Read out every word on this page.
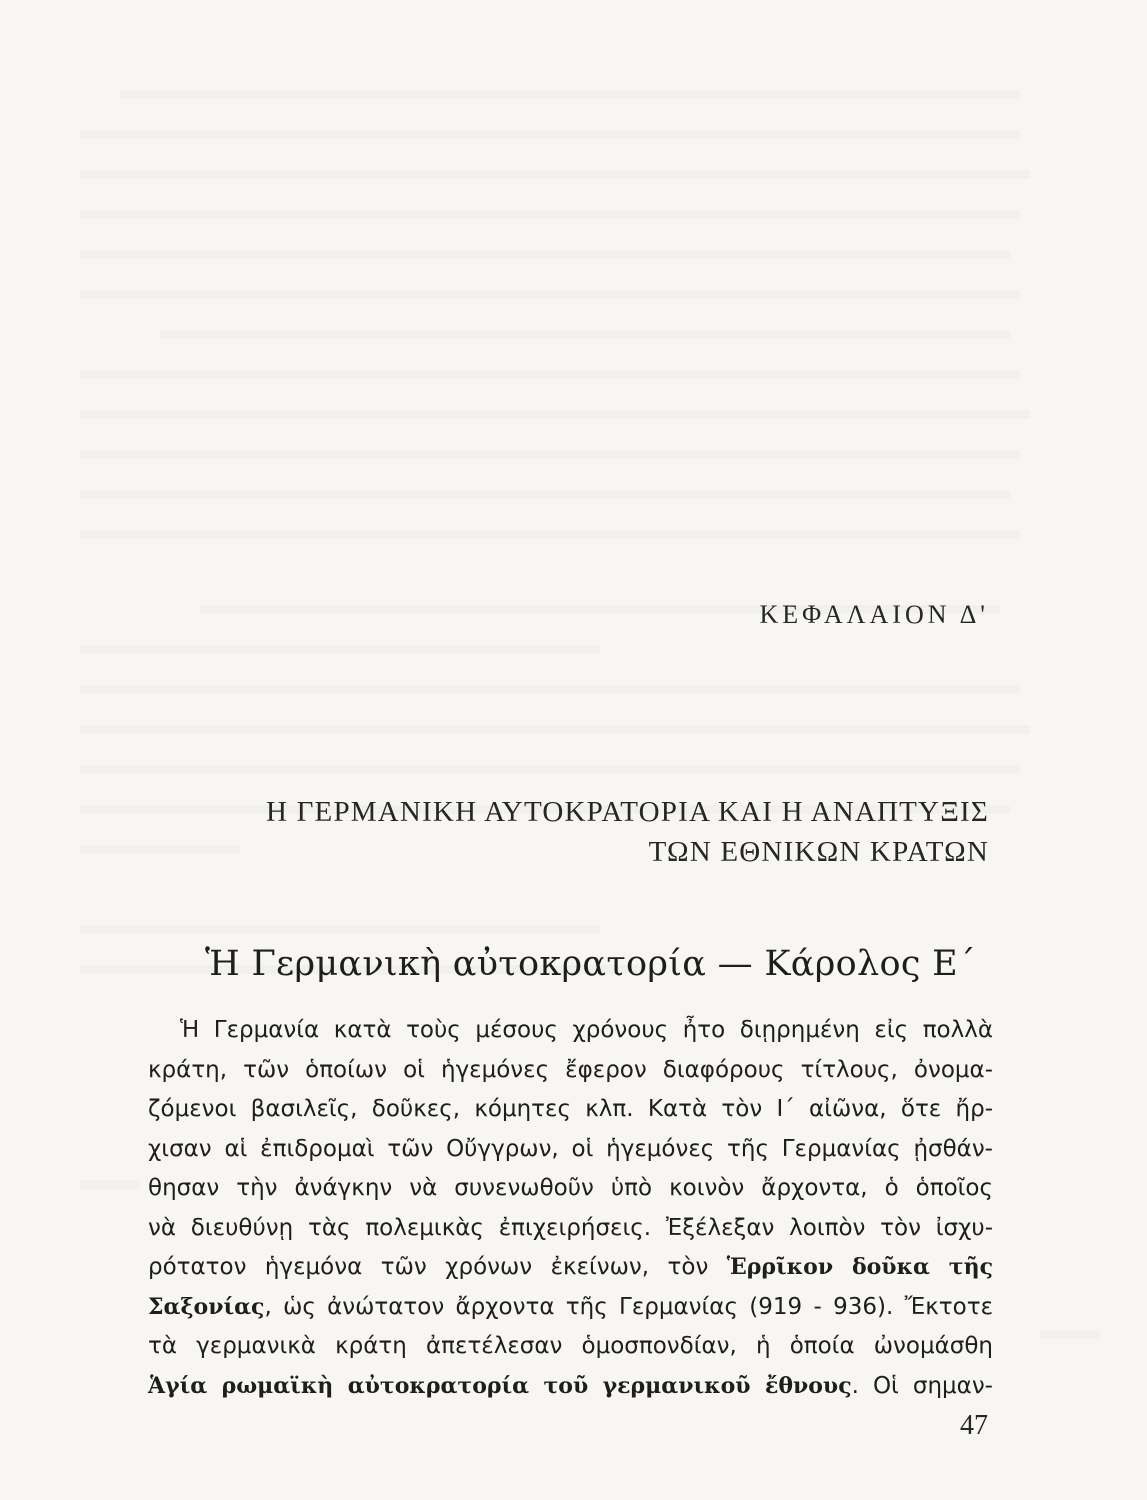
ΚΕΦΑΛΑΙΟΝ Δ'
Η ΓΕΡΜΑΝΙΚΗ ΑΥΤΟΚΡΑΤΟΡΙΑ ΚΑΙ Η ΑΝΑΠΤΥΞΙΣ
ΤΩΝ ΕΘΝΙΚΩΝ ΚΡΑΤΩΝ
Ἡ Γερμανικὴ αὐτοκρατορία — Κάρολος Ε΄
Ἡ Γερμανία κατὰ τοὺς μέσους χρόνους ἦτο διῃρημένη εἰς πολλὰ
κράτη, τῶν ὁποίων οἱ ἡγεμόνες ἔφερον διαφόρους τίτλους, ὀνομα-
ζόμενοι βασιλεῖς, δοῦκες, κόμητες κλπ. Κατὰ τὸν Ι΄ αἰῶνα, ὅτε ἤρ-
χισαν αἱ ἐπιδρομαὶ τῶν Οὔγγρων, οἱ ἡγεμόνες τῆς Γερμανίας ᾐσθάν-
θησαν τὴν ἀνάγκην νὰ συνενωθοῦν ὑπὸ κοινὸν ἄρχοντα, ὁ ὁποῖος
νὰ διευθύνῃ τὰς πολεμικὰς ἐπιχειρήσεις. Ἐξέλεξαν λοιπὸν τὸν ἰσχυ-
ρότατον ἡγεμόνα τῶν χρόνων ἐκείνων, τὸν Ἑρρῖκον δοῦκα τῆς
Σαξονίας, ὡς ἀνώτατον ἄρχοντα τῆς Γερμανίας (919 - 936). Ἔκτοτε
τὰ γερμανικὰ κράτη ἀπετέλεσαν ὁμοσπονδίαν, ἡ ὁποία ὠνομάσθη
Ἁγία ρωμαϊκὴ αὐτοκρατορία τοῦ γερμανικοῦ ἔθνους. Οἱ σημαν-
47
